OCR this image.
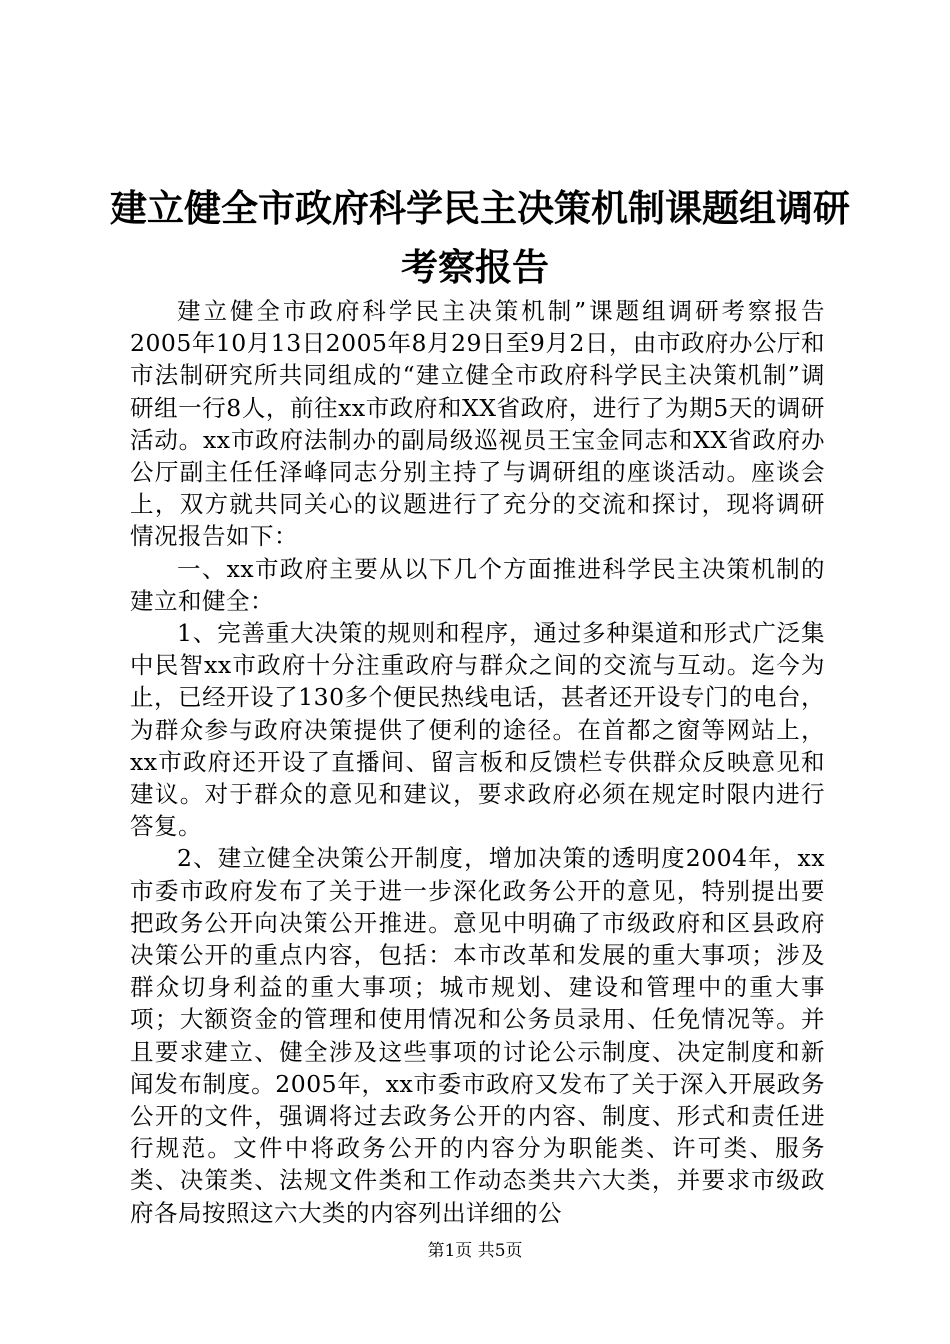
建立健全市政府科学民主决策机制课题组调研
考察报告

建立健全市政府科学民主决策机制”课题组调研考察报告2005年10月13日2005年8月29日至9月2日，由市政府办公厅和市法制研究所共同组成的“建立健全市政府科学民主决策机制”调研组一行8人，前往xx市政府和XX省政府，进行了为期5天的调研活动。xx市政府法制办的副局级巡视员王宝金同志和XX省政府办公厅副主任任泽峰同志分别主持了与调研组的座谈活动。座谈会上，双方就共同关心的议题进行了充分的交流和探讨，现将调研情况报告如下：

一、xx市政府主要从以下几个方面推进科学民主决策机制的建立和健全：

1、完善重大决策的规则和程序，通过多种渠道和形式广泛集中民智xx市政府十分注重政府与群众之间的交流与互动。迄今为止，已经开设了130多个便民热线电话，甚者还开设专门的电台，为群众参与政府决策提供了便利的途径。在首都之窗等网站上，xx市政府还开设了直播间、留言板和反馈栏专供群众反映意见和建议。对于群众的意见和建议，要求政府必须在规定时限内进行答复。

2、建立健全决策公开制度，增加决策的透明度2004年，xx市委市政府发布了关于进一步深化政务公开的意见，特别提出要把政务公开向决策公开推进。意见中明确了市级政府和区县政府决策公开的重点内容，包括：本市改革和发展的重大事项；涉及群众切身利益的重大事项；城市规划、建设和管理中的重大事项；大额资金的管理和使用情况和公务员录用、任免情况等。并且要求建立、健全涉及这些事项的讨论公示制度、决定制度和新闻发布制度。2005年，xx市委市政府又发布了关于深入开展政务公开的文件，强调将过去政务公开的内容、制度、形式和责任进行规范。文件中将政务公开的内容分为职能类、许可类、服务类、决策类、法规文件类和工作动态类共六大类，并要求市级政府各局按照这六大类的内容列出详细的公

第1页 共5页
